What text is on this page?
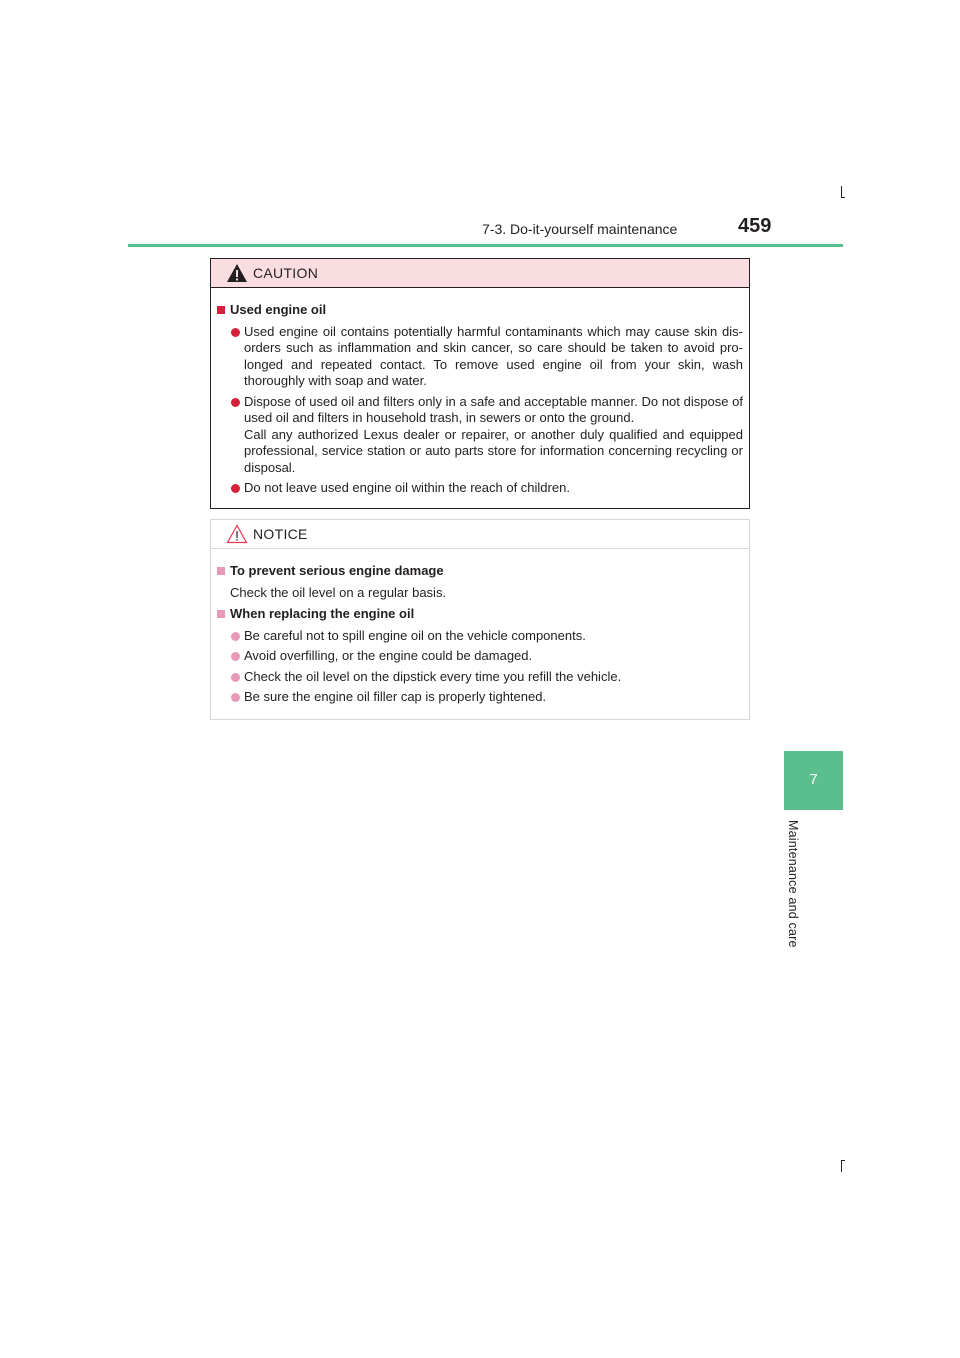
7-3. Do-it-yourself maintenance	459
7
Maintenance and care
CAUTION
Used engine oil
Used engine oil contains potentially harmful contaminants which may cause skin dis-orders such as inflammation and skin cancer, so care should be taken to avoid pro-longed and repeated contact. To remove used engine oil from your skin, wash thoroughly with soap and water.
Dispose of used oil and filters only in a safe and acceptable manner. Do not dispose of used oil and filters in household trash, in sewers or onto the ground.
Call any authorized Lexus dealer or repairer, or another duly qualified and equipped professional, service station or auto parts store for information concerning recycling or disposal.
Do not leave used engine oil within the reach of children.
NOTICE
To prevent serious engine damage
Check the oil level on a regular basis.
When replacing the engine oil
Be careful not to spill engine oil on the vehicle components.
Avoid overfilling, or the engine could be damaged.
Check the oil level on the dipstick every time you refill the vehicle.
Be sure the engine oil filler cap is properly tightened.
